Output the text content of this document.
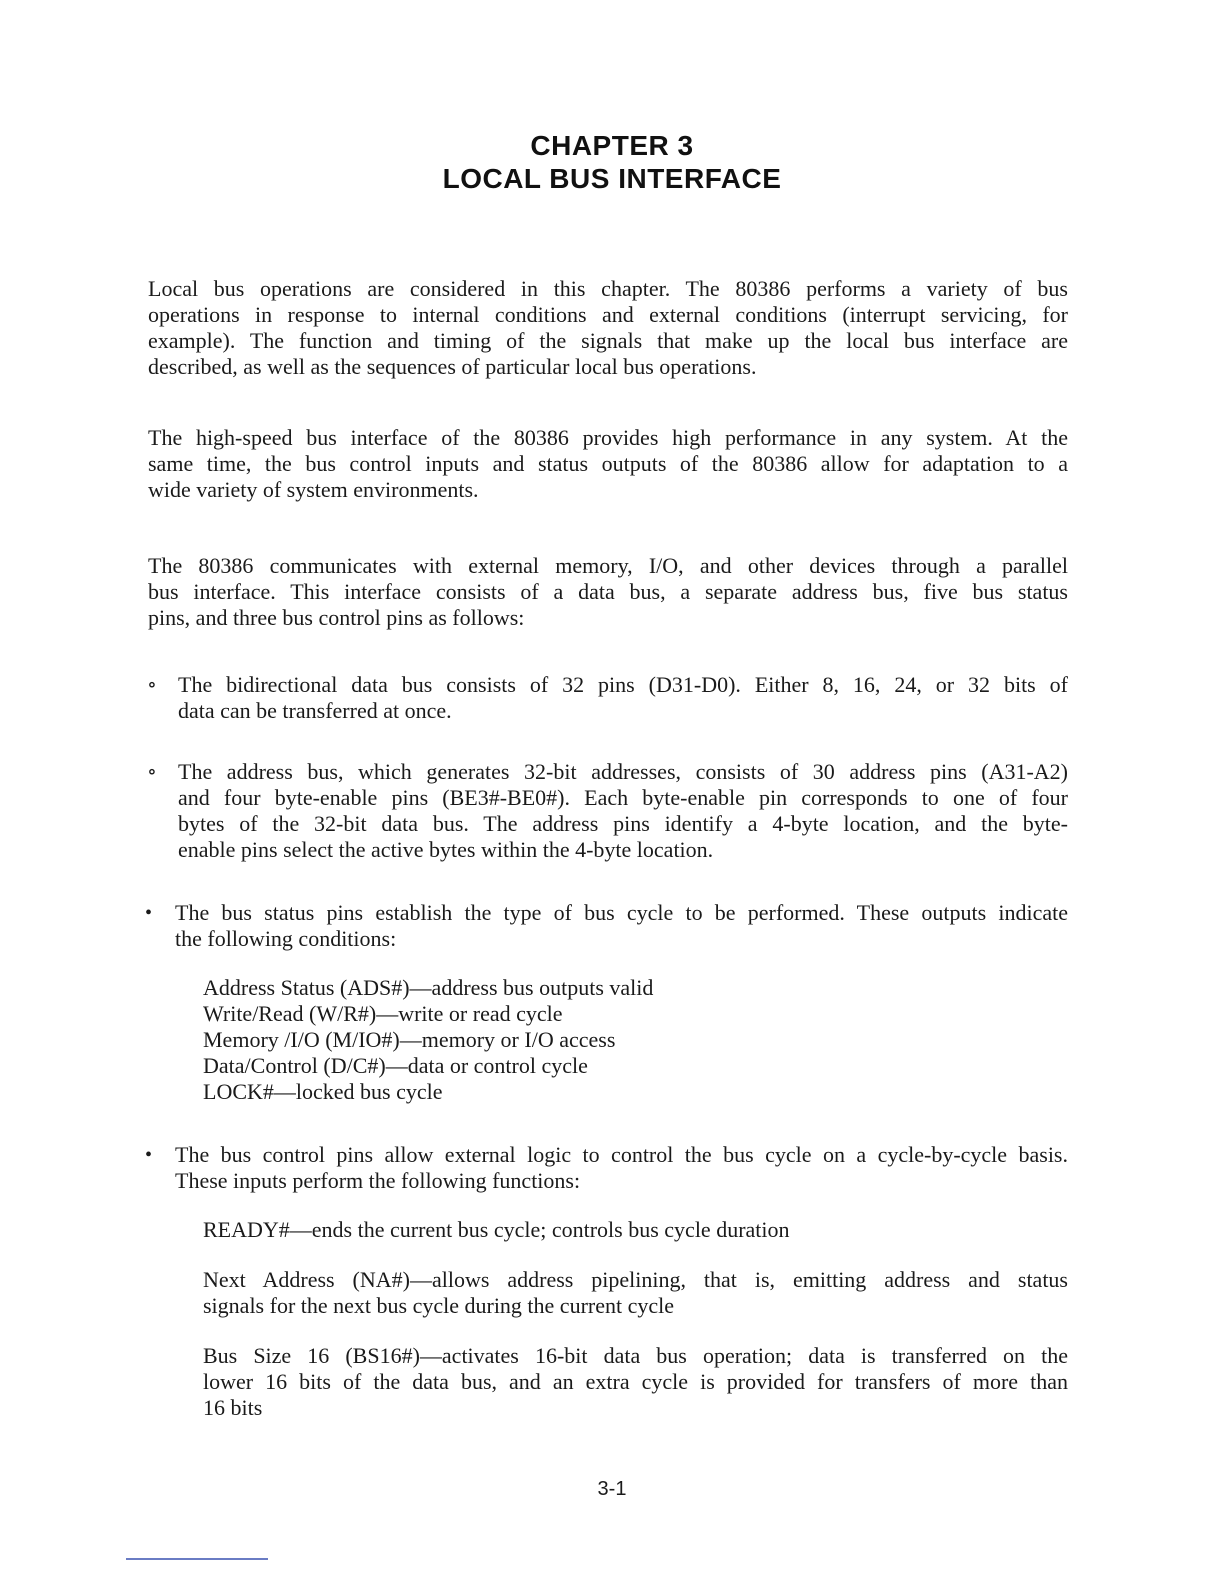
CHAPTER 3
LOCAL BUS INTERFACE
Local bus operations are considered in this chapter. The 80386 performs a variety of bus
operations in response to internal conditions and external conditions (interrupt servicing, for
example). The function and timing of the signals that make up the local bus interface are
described, as well as the sequences of particular local bus operations.
The high-speed bus interface of the 80386 provides high performance in any system. At the
same time, the bus control inputs and status outputs of the 80386 allow for adaptation to a
wide variety of system environments.
The 80386 communicates with external memory, I/O, and other devices through a parallel
bus interface. This interface consists of a data bus, a separate address bus, five bus status
pins, and three bus control pins as follows:
∘ The bidirectional data bus consists of 32 pins (D31-D0). Either 8, 16, 24, or 32 bits of
data can be transferred at once.
∘ The address bus, which generates 32-bit addresses, consists of 30 address pins (A31-A2)
and four byte-enable pins (BE3#-BE0#). Each byte-enable pin corresponds to one of four
bytes of the 32-bit data bus. The address pins identify a 4-byte location, and the byte-
enable pins select the active bytes within the 4-byte location.
• The bus status pins establish the type of bus cycle to be performed. These outputs indicate
the following conditions:
Address Status (ADS#)—address bus outputs valid
Write/Read (W/R#)—write or read cycle
Memory /I/O (M/IO#)—memory or I/O access
Data/Control (D/C#)—data or control cycle
LOCK#—locked bus cycle
• The bus control pins allow external logic to control the bus cycle on a cycle-by-cycle basis.
These inputs perform the following functions:
READY#—ends the current bus cycle; controls bus cycle duration
Next Address (NA#)—allows address pipelining, that is, emitting address and status
signals for the next bus cycle during the current cycle
Bus Size 16 (BS16#)—activates 16-bit data bus operation; data is transferred on the
lower 16 bits of the data bus, and an extra cycle is provided for transfers of more than
16 bits
3-1
